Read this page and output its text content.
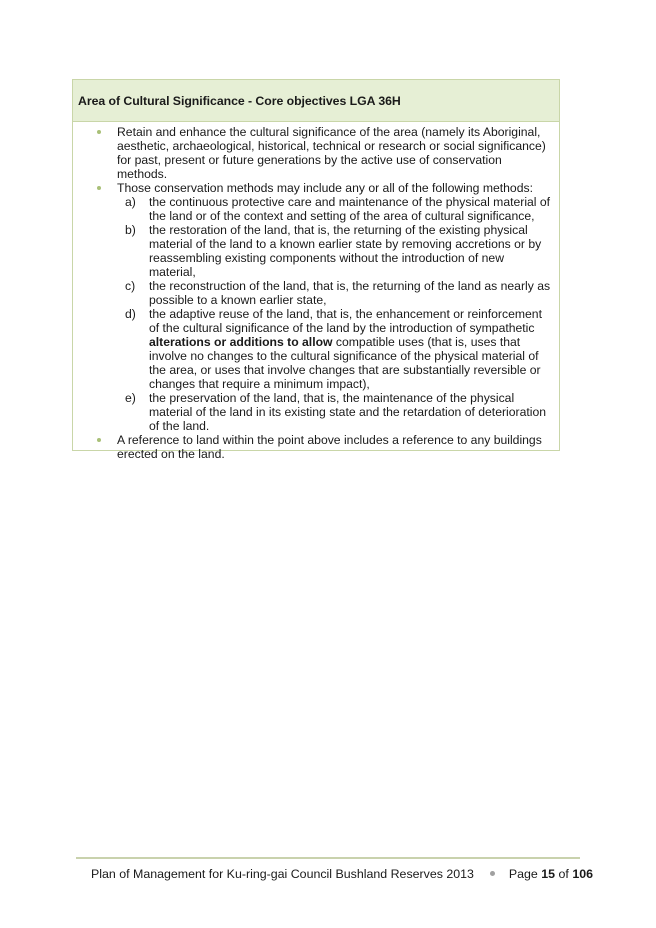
Area of Cultural Significance - Core objectives LGA 36H
Retain and enhance the cultural significance of the area (namely its Aboriginal, aesthetic, archaeological, historical, technical or research or social significance) for past, present or future generations by the active use of conservation methods.
Those conservation methods may include any or all of the following methods:
a) the continuous protective care and maintenance of the physical material of the land or of the context and setting of the area of cultural significance,
b) the restoration of the land, that is, the returning of the existing physical material of the land to a known earlier state by removing accretions or by reassembling existing components without the introduction of new material,
c) the reconstruction of the land, that is, the returning of the land as nearly as possible to a known earlier state,
d) the adaptive reuse of the land, that is, the enhancement or reinforcement of the cultural significance of the land by the introduction of sympathetic alterations or additions to allow compatible uses (that is, uses that involve no changes to the cultural significance of the physical material of the area, or uses that involve changes that are substantially reversible or changes that require a minimum impact),
e) the preservation of the land, that is, the maintenance of the physical material of the land in its existing state and the retardation of deterioration of the land.
A reference to land within the point above includes a reference to any buildings erected on the land.
Plan of Management for Ku-ring-gai Council Bushland Reserves 2013	Page 15 of 106
